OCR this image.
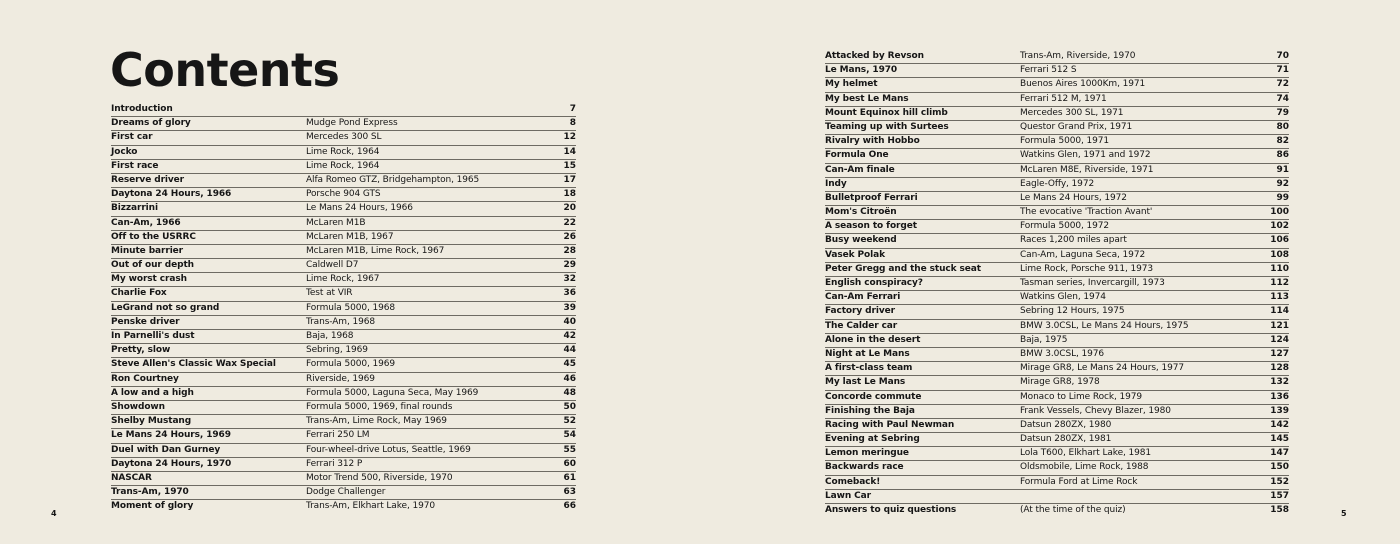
Contents
Introduction	7
Dreams of glory	Mudge Pond Express	8
First car	Mercedes 300 SL	12
Jocko	Lime Rock, 1964	14
First race	Lime Rock, 1964	15
Reserve driver	Alfa Romeo GTZ, Bridgehampton, 1965	17
Daytona 24 Hours, 1966	Porsche 904 GTS	18
Bizzarrini	Le Mans 24 Hours, 1966	20
Can-Am, 1966	McLaren M1B	22
Off to the USRRC	McLaren M1B, 1967	26
Minute barrier	McLaren M1B, Lime Rock, 1967	28
Out of our depth	Caldwell D7	29
My worst crash	Lime Rock, 1967	32
Charlie Fox	Test at VIR	36
LeGrand not so grand	Formula 5000, 1968	39
Penske driver	Trans-Am, 1968	40
In Parnelli's dust	Baja, 1968	42
Pretty, slow	Sebring, 1969	44
Steve Allen's Classic Wax Special	Formula 5000, 1969	45
Ron Courtney	Riverside, 1969	46
A low and a high	Formula 5000, Laguna Seca, May 1969	48
Showdown	Formula 5000, 1969, final rounds	50
Shelby Mustang	Trans-Am, Lime Rock, May 1969	52
Le Mans 24 Hours, 1969	Ferrari 250 LM	54
Duel with Dan Gurney	Four-wheel-drive Lotus, Seattle, 1969	55
Daytona 24 Hours, 1970	Ferrari 312 P	60
NASCAR	Motor Trend 500, Riverside, 1970	61
Trans-Am, 1970	Dodge Challenger	63
Moment of glory	Trans-Am, Elkhart Lake, 1970	66
4
Attacked by Revson	Trans-Am, Riverside, 1970	70
Le Mans, 1970	Ferrari 512 S	71
My helmet	Buenos Aires 1000Km, 1971	72
My best Le Mans	Ferrari 512 M, 1971	74
Mount Equinox hill climb	Mercedes 300 SL, 1971	79
Teaming up with Surtees	Questor Grand Prix, 1971	80
Rivalry with Hobbo	Formula 5000, 1971	82
Formula One	Watkins Glen, 1971 and 1972	86
Can-Am finale	McLaren M8E, Riverside, 1971	91
Indy	Eagle-Offy, 1972	92
Bulletproof Ferrari	Le Mans 24 Hours, 1972	99
Mom's Citroën	The evocative 'Traction Avant'	100
A season to forget	Formula 5000, 1972	102
Busy weekend	Races 1,200 miles apart	106
Vasek Polak	Can-Am, Laguna Seca, 1972	108
Peter Gregg and the stuck seat	Lime Rock, Porsche 911, 1973	110
English conspiracy?	Tasman series, Invercargill, 1973	112
Can-Am Ferrari	Watkins Glen, 1974	113
Factory driver	Sebring 12 Hours, 1975	114
The Calder car	BMW 3.0CSL, Le Mans 24 Hours, 1975	121
Alone in the desert	Baja, 1975	124
Night at Le Mans	BMW 3.0CSL, 1976	127
A first-class team	Mirage GR8, Le Mans 24 Hours, 1977	128
My last Le Mans	Mirage GR8, 1978	132
Concorde commute	Monaco to Lime Rock, 1979	136
Finishing the Baja	Frank Vessels, Chevy Blazer, 1980	139
Racing with Paul Newman	Datsun 280ZX, 1980	142
Evening at Sebring	Datsun 280ZX, 1981	145
Lemon meringue	Lola T600, Elkhart Lake, 1981	147
Backwards race	Oldsmobile, Lime Rock, 1988	150
Comeback!	Formula Ford at Lime Rock	152
Lawn Car	157
Answers to quiz questions	(At the time of the quiz)	158	5
